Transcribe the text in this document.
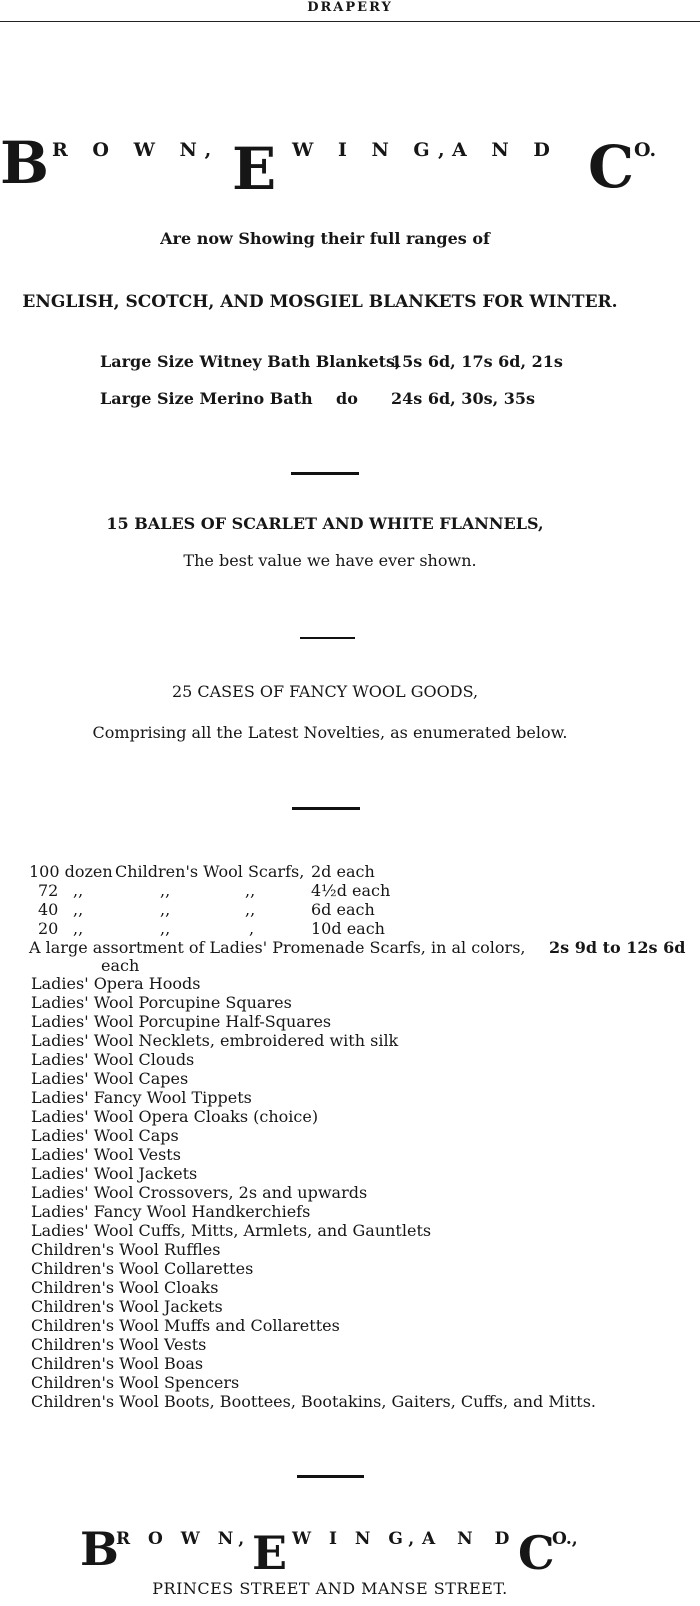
DRAPERY
B R O W N, E W I N G,
A N D C O.
Are now Showing their full ranges of
ENGLISH, SCOTCH, AND MOSGIEL BLANKETS FOR WINTER.
Large Size Witney Bath Blankets,
15s 6d, 17s 6d, 21s
Large Size Merino Bath do 24s 6d, 30s, 35s
15 BALES OF SCARLET AND WHITE FLANNELS,
The best value we have ever shown.
25 CASES OF FANCY WOOL GOODS,
Comprising all the Latest Novelties, as enumerated below.
100 dozen Children's Wool Scarfs, 2d each
72 ,,	,,	,,	4½d each
40 ,,	,,	,,	6d each
20 ,,	,,	,	10d each
A large assortment of Ladies' Promenade Scarfs, in al colors, 2s 9d to 12s 6d
each
Ladies' Opera Hoods
Ladies' Wool Porcupine Squares
Ladies' Wool Porcupine Half-Squares
Ladies' Wool Necklets, embroidered with silk
Ladies' Wool Clouds
Ladies' Wool Capes
Ladies' Fancy Wool Tippets
Ladies' Wool Opera Cloaks (choice)
Ladies' Wool Caps
Ladies' Wool Vests
Ladies' Wool Jackets
Ladies' Wool Crossovers, 2s and upwards
Ladies' Fancy Wool Handkerchiefs
Ladies' Wool Cuffs, Mitts, Armlets, and Gauntlets
Children's Wool Ruffles
Children's Wool Collarettes
Children's Wool Cloaks
Children's Wool Jackets
Children's Wool Muffs and Collarettes
Children's Wool Vests
Children's Wool Boas
Children's Wool Spencers
Children's Wool Boots, Boottees, Bootakins, Gaiters, Cuffs, and Mitts.
B
R O W N, E W I N G, A N D C
O.,
PRINCES STREET AND MANSE STREET.
